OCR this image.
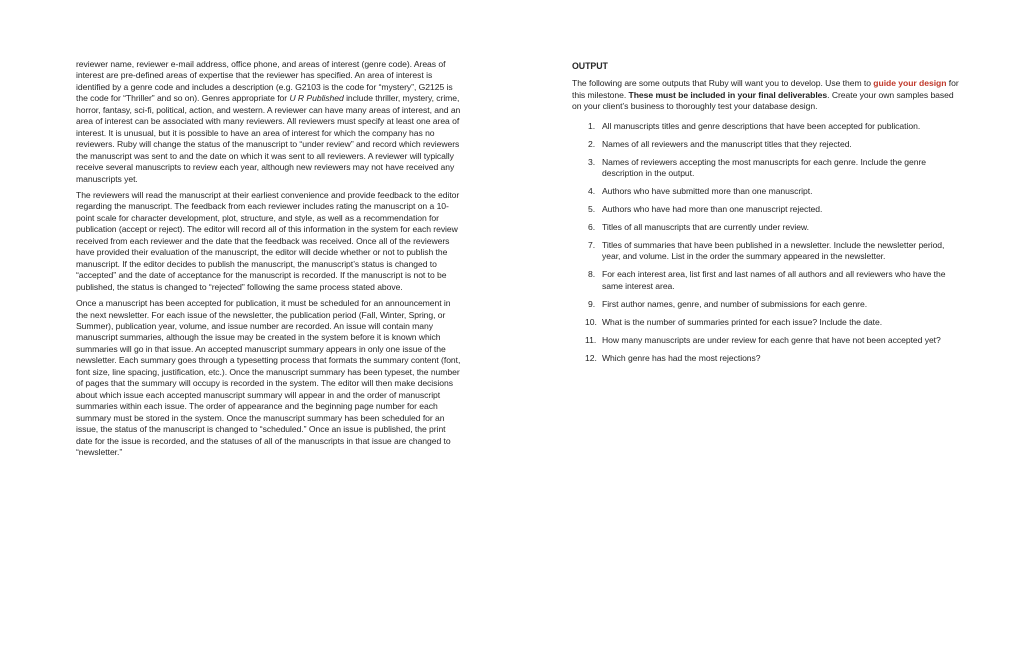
reviewer name, reviewer e-mail address, office phone, and areas of interest (genre code). Areas of interest are pre-defined areas of expertise that the reviewer has specified. An area of interest is identified by a genre code and includes a description (e.g. G2103 is the code for “mystery”, G2125 is the code for “Thriller” and so on). Genres appropriate for U R Published include thriller, mystery, crime, horror, fantasy, sci-fi, political, action, and western. A reviewer can have many areas of interest, and an area of interest can be associated with many reviewers. All reviewers must specify at least one area of interest. It is unusual, but it is possible to have an area of interest for which the company has no reviewers. Ruby will change the status of the manuscript to “under review” and record which reviewers the manuscript was sent to and the date on which it was sent to all reviewers. A reviewer will typically receive several manuscripts to review each year, although new reviewers may not have received any manuscripts yet.

The reviewers will read the manuscript at their earliest convenience and provide feedback to the editor regarding the manuscript. The feedback from each reviewer includes rating the manuscript on a 10-point scale for character development, plot, structure, and style, as well as a recommendation for publication (accept or reject). The editor will record all of this information in the system for each review received from each reviewer and the date that the feedback was received. Once all of the reviewers have provided their evaluation of the manuscript, the editor will decide whether or not to publish the manuscript. If the editor decides to publish the manuscript, the manuscript’s status is changed to “accepted” and the date of acceptance for the manuscript is recorded. If the manuscript is not to be published, the status is changed to “rejected” following the same process stated above.

Once a manuscript has been accepted for publication, it must be scheduled for an announcement in the next newsletter. For each issue of the newsletter, the publication period (Fall, Winter, Spring, or Summer), publication year, volume, and issue number are recorded. An issue will contain many manuscript summaries, although the issue may be created in the system before it is known which summaries will go in that issue. An accepted manuscript summary appears in only one issue of the newsletter. Each summary goes through a typesetting process that formats the summary content (font, font size, line spacing, justification, etc.). Once the manuscript summary has been typeset, the number of pages that the summary will occupy is recorded in the system. The editor will then make decisions about which issue each accepted manuscript summary will appear in and the order of manuscript summaries within each issue. The order of appearance and the beginning page number for each summary must be stored in the system. Once the manuscript summary has been scheduled for an issue, the status of the manuscript is changed to “scheduled.” Once an issue is published, the print date for the issue is recorded, and the statuses of all of the manuscripts in that issue are changed to “newsletter.”

OUTPUT

The following are some outputs that Ruby will want you to develop. Use them to guide your design for this milestone. These must be included in your final deliverables. Create your own samples based on your client’s business to thoroughly test your database design.

1. All manuscripts titles and genre descriptions that have been accepted for publication.
2. Names of all reviewers and the manuscript titles that they rejected.
3. Names of reviewers accepting the most manuscripts for each genre. Include the genre description in the output.
4. Authors who have submitted more than one manuscript.
5. Authors who have had more than one manuscript rejected.
6. Titles of all manuscripts that are currently under review.
7. Titles of summaries that have been published in a newsletter. Include the newsletter period, year, and volume. List in the order the summary appeared in the newsletter.
8. For each interest area, list first and last names of all authors and all reviewers who have the same interest area.
9. First author names, genre, and number of submissions for each genre.
10. What is the number of summaries printed for each issue? Include the date.
11. How many manuscripts are under review for each genre that have not been accepted yet?
12. Which genre has had the most rejections?
